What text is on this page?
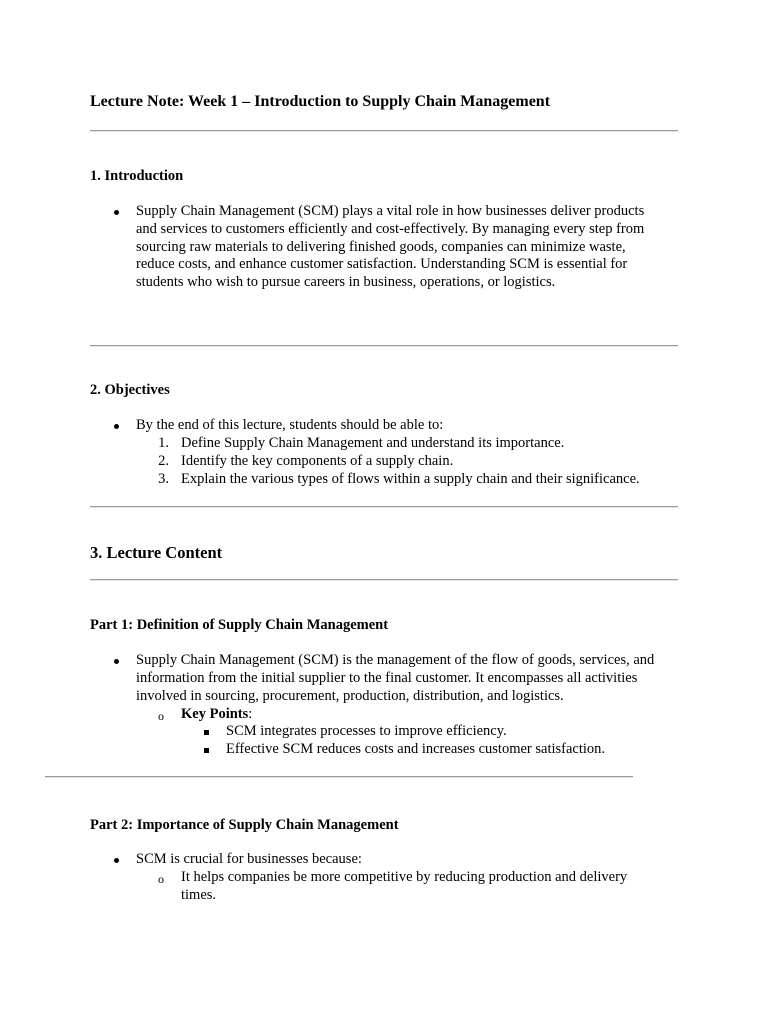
Lecture Note: Week 1 – Introduction to Supply Chain Management
1. Introduction
Supply Chain Management (SCM) plays a vital role in how businesses deliver products
and services to customers efficiently and cost-effectively. By managing every step from
sourcing raw materials to delivering finished goods, companies can minimize waste,
reduce costs, and enhance customer satisfaction. Understanding SCM is essential for
students who wish to pursue careers in business, operations, or logistics.
2. Objectives
By the end of this lecture, students should be able to:
1. Define Supply Chain Management and understand its importance.
2. Identify the key components of a supply chain.
3. Explain the various types of flows within a supply chain and their significance.
3. Lecture Content
Part 1: Definition of Supply Chain Management
Supply Chain Management (SCM) is the management of the flow of goods, services, and
information from the initial supplier to the final customer. It encompasses all activities
involved in sourcing, procurement, production, distribution, and logistics.
o Key Points:
SCM integrates processes to improve efficiency.
Effective SCM reduces costs and increases customer satisfaction.
Part 2: Importance of Supply Chain Management
SCM is crucial for businesses because:
o It helps companies be more competitive by reducing production and delivery
times.
